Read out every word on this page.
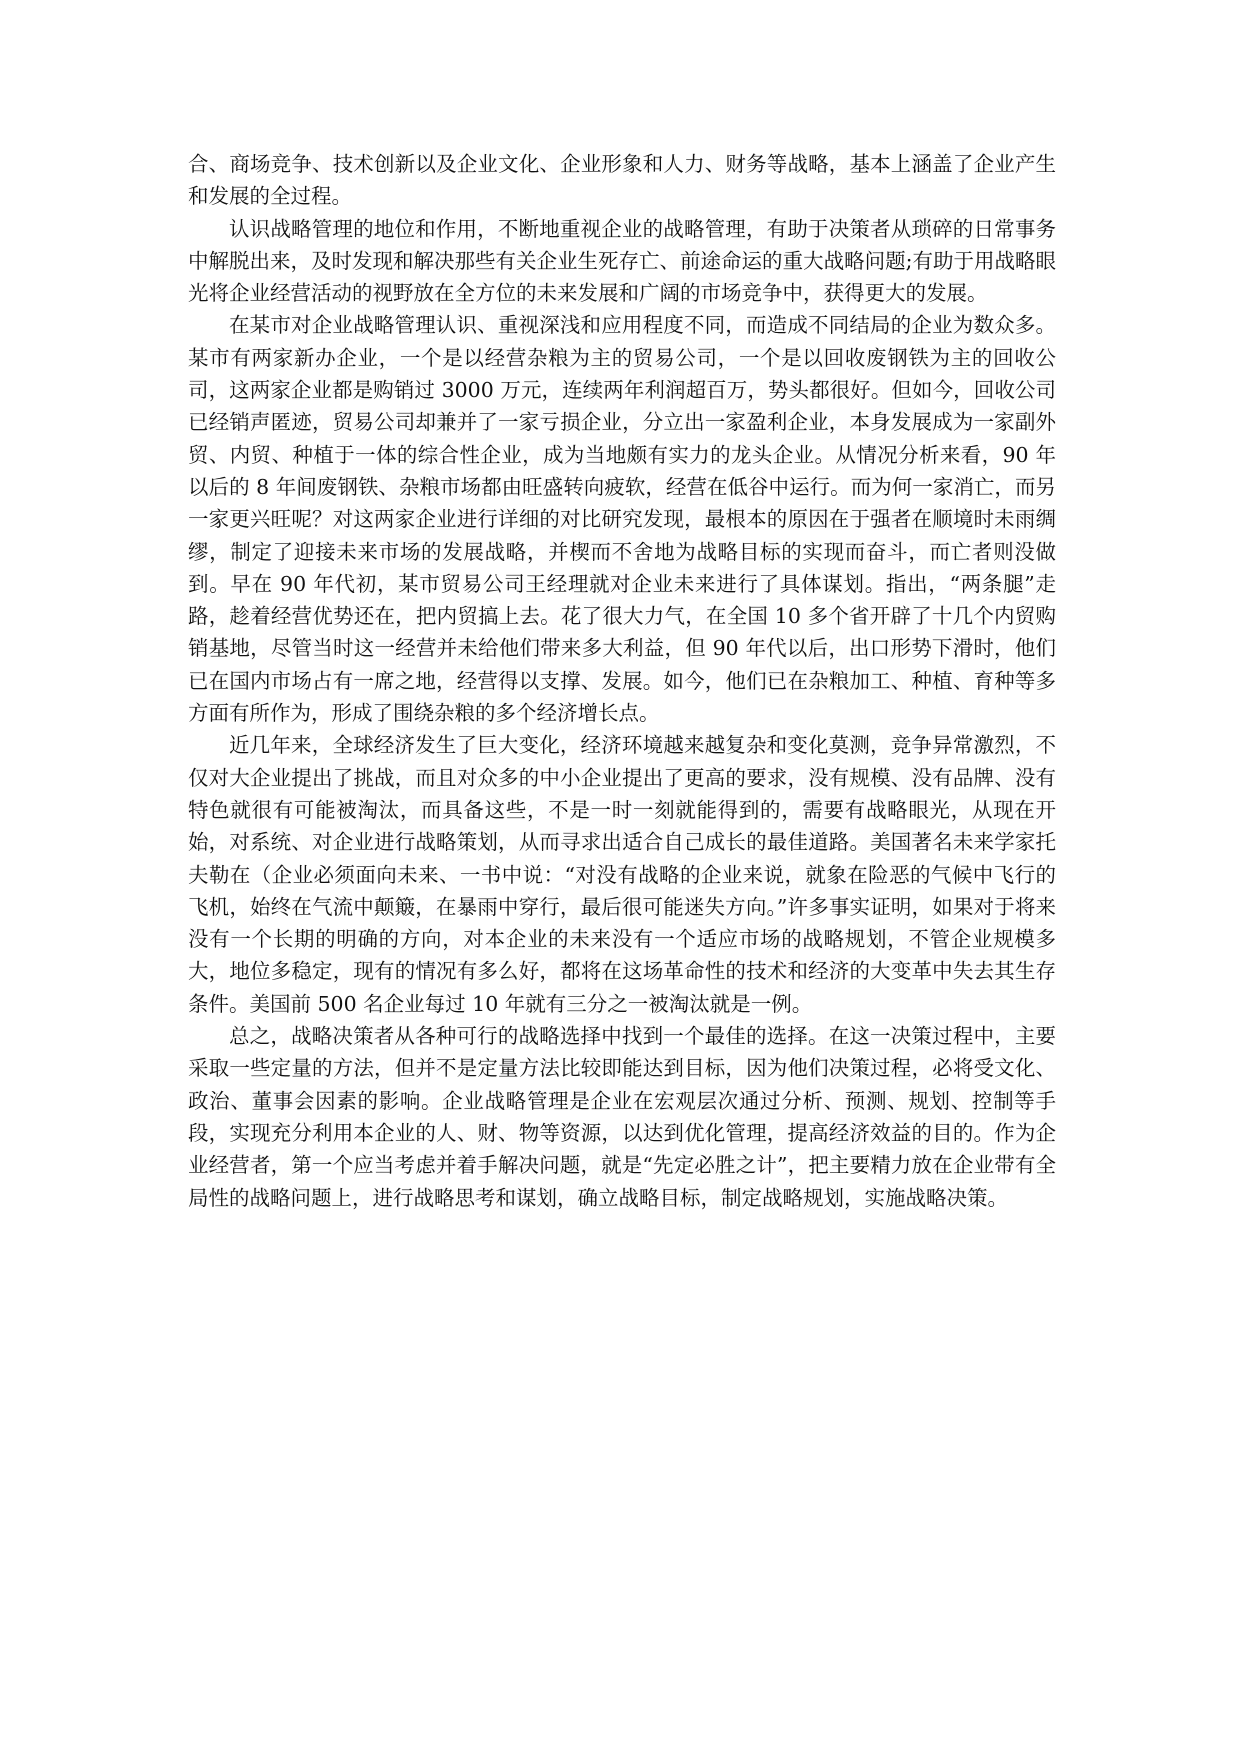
合、商场竞争、技术创新以及企业文化、企业形象和人力、财务等战略，基本上涵盖了企业产生和发展的全过程。

认识战略管理的地位和作用，不断地重视企业的战略管理，有助于决策者从琐碎的日常事务中解脱出来，及时发现和解决那些有关企业生死存亡、前途命运的重大战略问题;有助于用战略眼光将企业经营活动的视野放在全方位的未来发展和广阔的市场竞争中，获得更大的发展。

在某市对企业战略管理认识、重视深浅和应用程度不同，而造成不同结局的企业为数众多。某市有两家新办企业，一个是以经营杂粮为主的贸易公司，一个是以回收废钢铁为主的回收公司，这两家企业都是购销过 3000 万元，连续两年利润超百万，势头都很好。但如今，回收公司已经销声匿迹，贸易公司却兼并了一家亏损企业，分立出一家盈利企业，本身发展成为一家副外贸、内贸、种植于一体的综合性企业，成为当地颇有实力的龙头企业。从情况分析来看，90 年以后的 8 年间废钢铁、杂粮市场都由旺盛转向疲软，经营在低谷中运行。而为何一家消亡，而另一家更兴旺呢？对这两家企业进行详细的对比研究发现，最根本的原因在于强者在顺境时未雨绸缪，制定了迎接未来市场的发展战略，并楔而不舍地为战略目标的实现而奋斗，而亡者则没做到。早在 90 年代初，某市贸易公司王经理就对企业未来进行了具体谋划。指出，“两条腿”走路，趁着经营优势还在，把内贸搞上去。花了很大力气，在全国 10 多个省开辟了十几个内贸购销基地，尽管当时这一经营并未给他们带来多大利益，但 90 年代以后，出口形势下滑时，他们已在国内市场占有一席之地，经营得以支撑、发展。如今，他们已在杂粮加工、种植、育种等多方面有所作为，形成了围绕杂粮的多个经济增长点。

近几年来，全球经济发生了巨大变化，经济环境越来越复杂和变化莫测，竞争异常激烈，不仅对大企业提出了挑战，而且对众多的中小企业提出了更高的要求，没有规模、没有品牌、没有特色就很有可能被淘汰，而具备这些，不是一时一刻就能得到的，需要有战略眼光，从现在开始，对系统、对企业进行战略策划，从而寻求出适合自己成长的最佳道路。美国著名未来学家托夫勒在（企业必须面向未来、一书中说：“对没有战略的企业来说，就象在险恶的气候中飞行的飞机，始终在气流中颠簸，在暴雨中穿行，最后很可能迷失方向。”许多事实证明，如果对于将来没有一个长期的明确的方向，对本企业的未来没有一个适应市场的战略规划，不管企业规模多大，地位多稳定，现有的情况有多么好，都将在这场革命性的技术和经济的大变革中失去其生存条件。美国前 500 名企业每过 10 年就有三分之一被淘汰就是一例。

总之，战略决策者从各种可行的战略选择中找到一个最佳的选择。在这一决策过程中，主要采取一些定量的方法，但并不是定量方法比较即能达到目标，因为他们决策过程，必将受文化、政治、董事会因素的影响。企业战略管理是企业在宏观层次通过分析、预测、规划、控制等手段，实现充分利用本企业的人、财、物等资源，以达到优化管理，提高经济效益的目的。作为企业经营者，第一个应当考虑并着手解决问题，就是“先定必胜之计”，把主要精力放在企业带有全局性的战略问题上，进行战略思考和谋划，确立战略目标，制定战略规划，实施战略决策。
